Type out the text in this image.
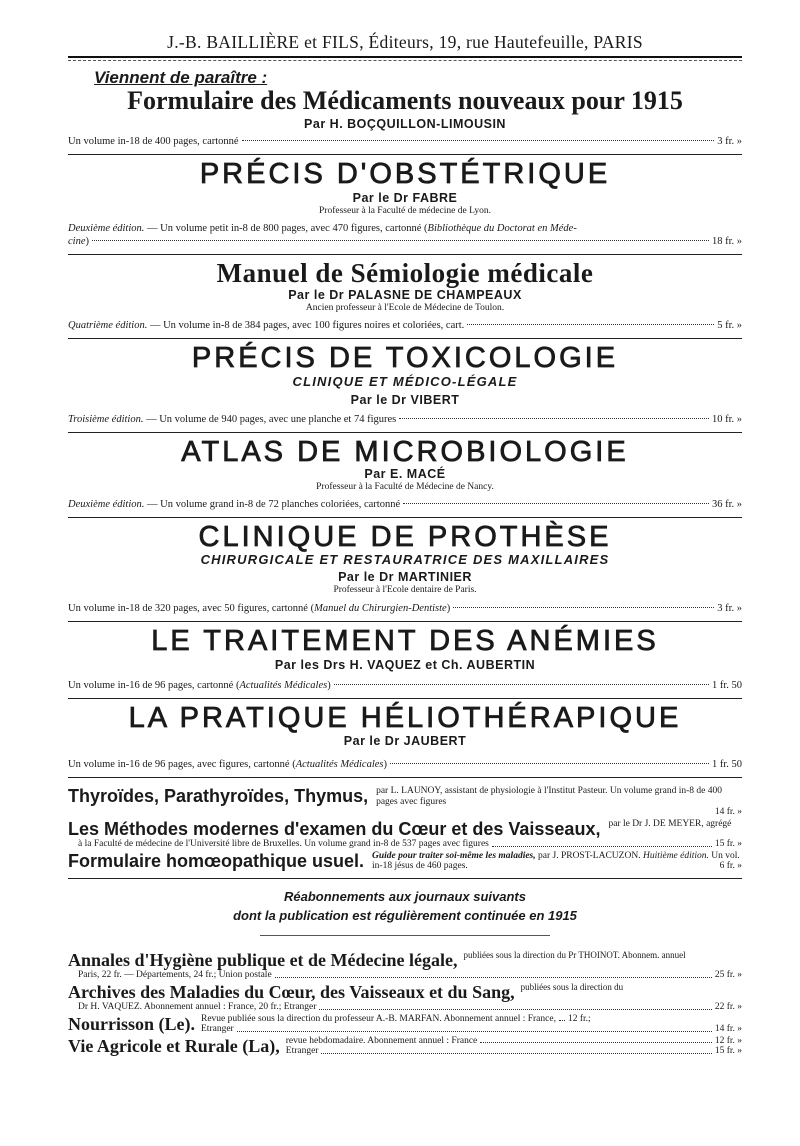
J.-B. BAILLIÈRE et FILS, Éditeurs, 19, rue Hautefeuille, PARIS
Viennent de paraître :
Formulaire des Médicaments nouveaux pour 1915
Par H. BOÇQUILLON-LIMOUSIN
Un volume in-18 de 400 pages, cartonné	3 fr. »
PRÉCIS D'OBSTÉTRIQUE
Par le Dr FABRE
Professeur à la Faculté de médecine de Lyon.
Deuxième édition. — Un volume petit in-8 de 800 pages, avec 470 figures, cartonné (Bibliothèque du Doctorat en Méde-
cine)	18 fr. »
Manuel de Sémiologie médicale
Par le Dr PALASNE DE CHAMPEAUX
Ancien professeur à l'Ecole de Médecine de Toulon.
Quatrième édition. — Un volume in-8 de 384 pages, avec 100 figures noires et coloriées, cart.	5 fr. »
PRÉCIS DE TOXICOLOGIE
CLINIQUE ET MÉDICO-LÉGALE
Par le Dr VIBERT
Troisième édition. — Un volume de 940 pages, avec une planche et 74 figures	10 fr. »
ATLAS DE MICROBIOLOGIE
Par E. MACÉ
Professeur à la Faculté de Médecine de Nancy.
Deuxième édition. — Un volume grand in-8 de 72 planches coloriées, cartonné	36 fr. »
CLINIQUE DE PROTHÈSE
CHIRURGICALE ET RESTAURATRICE DES MAXILLAIRES
Par le Dr MARTINIER
Professeur à l'Ecole dentaire de Paris.
Un volume in-18 de 320 pages, avec 50 figures, cartonné (Manuel du Chirurgien-Dentiste)	3 fr. »
LE TRAITEMENT DES ANÉMIES
Par les Drs H. VAQUEZ et Ch. AUBERTIN
Un volume in-16 de 96 pages, cartonné (Actualités Médicales)	1 fr. 50
LA PRATIQUE HÉLIOTHÉRAPIQUE
Par le Dr JAUBERT
Un volume in-16 de 96 pages, avec figures, cartonné (Actualités Médicales)	1 fr. 50
Thyroïdes, Parathyroïdes, Thymus, par L. LAUNOY, assistant de physiologie à l'Institut Pasteur. Un volume grand in-8 de 400 pages avec figures
14 fr. »
Les Méthodes modernes d'examen du Cœur et des Vaisseaux, par le Dr J. DE MEYER, agrégé
à la Faculté de médecine de l'Université libre de Bruxelles. Un volume grand in-8 de 537 pages avec figures	15 fr. »
Formulaire homœopathique usuel. Guide pour traiter soi-même les maladies, par J. PROST-LACUZON. Huitième édition. Un vol. in-18 jésus de 460 pages.	6 fr. »
Réabonnements aux journaux suivants
dont la publication est régulièrement continuée en 1915
Annales d'Hygiène publique et de Médecine légale, publiées sous la direction du Pr THOINOT. Abonnem. annuel
Paris, 22 fr. — Départements, 24 fr.; Union postale	25 fr. »
Archives des Maladies du Cœur, des Vaisseaux et du Sang, publiées sous la direction du
Dr H. VAQUEZ. Abonnement annuel : France, 20 fr.; Etranger	22 fr. »
Nourrisson (Le). Revue publiée sous la direction du professeur A.-B. MARFAN. Abonnement annuel : France, 12 fr.;
Etranger	14 fr. »
Vie Agricole et Rurale (La), revue hebdomadaire. Abonnement annuel : France	12 fr. »
Etranger	15 fr. »
